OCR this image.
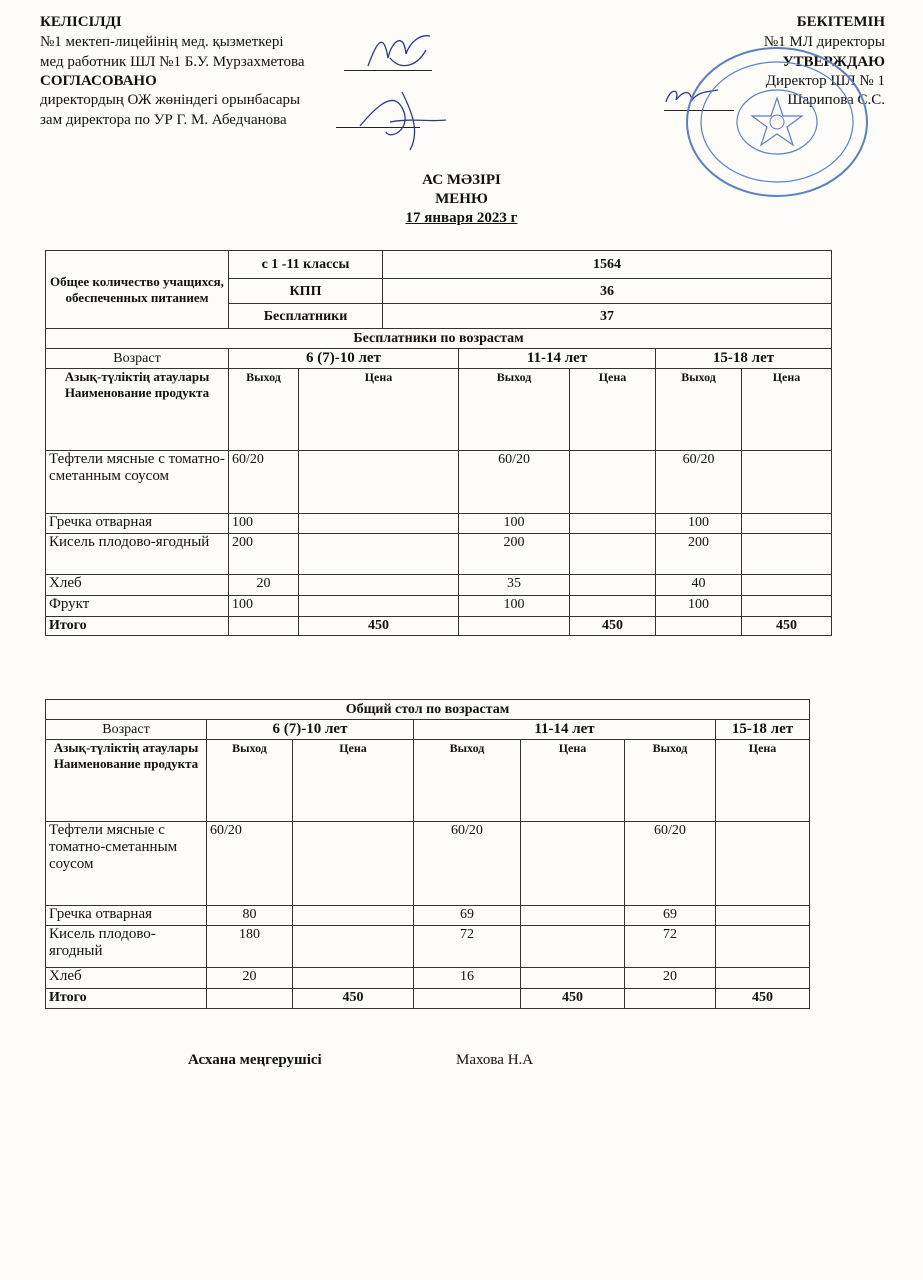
КЕЛІСІЛДІ
№1 мектеп-лицейінің мед. қызметкері
мед работник ШЛ №1 Б.У. Мурзахметова
СОГЛАСОВАНО
директордың ОЖ жөніндегі орынбасары
зам директора по УР Г. М. Абедчанова
БЕКІТЕМІН
№1 МЛ директоры
УТВЕРЖДАЮ
Директор ШЛ № 1
Шарипова С.С.
АС МӘЗІРІ
МЕНЮ
17 января 2023 г
Общее количество учащихся, обеспеченных питанием	с 1 -11 классы		1564				
	КПП		36				
	Бесплатники		37				
Бесплатники по возрастам							
Возраст	6 (7)-10 лет			11-14 лет		15-18 лет	
Азық-түліктің атаулары Наименование продукта	Выход	Цена		Выход	Цена	Выход	Цена
Тефтели мясные с томатно-сметанным соусом	60/20			60/20		60/20	
Гречка отварная	100			100		100	
Кисель плодово-ягодный	200			200		200	
Хлеб	20			35		40	
Фрукт	100			100		100	
Итого		450			450		450
Общий стол по возрастам						
Возраст	6 (7)-10 лет		11-14 лет			15-18 лет
Азық-түліктің атаулары Наименование продукта	Выход	Цена	Выход	Цена	Выход	Цена
Тефтели мясные с томатно-сметанным соусом	60/20		60/20		60/20	
Гречка отварная	80		69		69	
Кисель плодово-ягодный	180		72		72	
Хлеб	20		16		20	
Итого		450		450		450
Асхана меңгерушісі	Махова Н.А
